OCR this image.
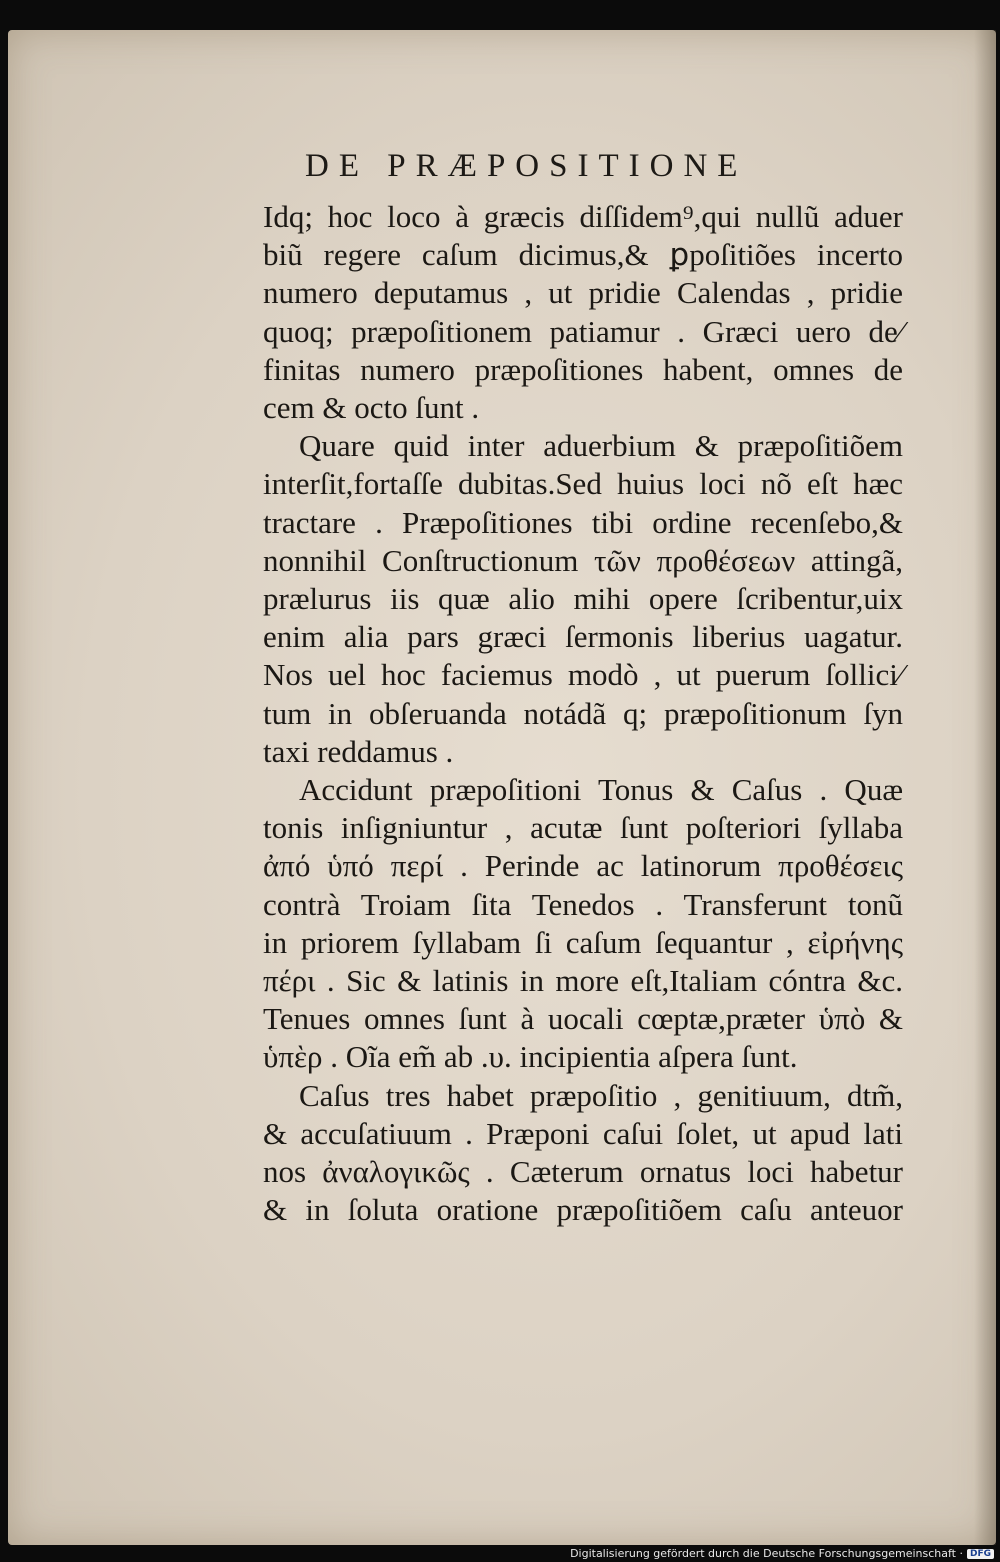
DE PRÆPOSITIONE
Idq; hoc loco à græcis diſſidem⁹,qui nullũ aduer
biũ regere caſum dicimus,& ꝑpoſitiões incerto
numero deputamus , ut pridie Calendas , pridie
quoq; præpoſitionem patiamur . Græci uero de⁄
finitas numero præpoſitiones habent, omnes de
cem & octo ſunt .
Quare quid inter aduerbium & præpoſitiõem
interſit,fortaſſe dubitas.Sed huius loci nõ eſt hæc
tractare . Præpoſitiones tibi ordine recenſebo,&
nonnihil Conſtructionum τῶν προθέσεων attingã,
prælurus iis quæ alio mihi opere ſcribentur,uix
enim alia pars græci ſermonis liberius uagatur.
Nos uel hoc faciemus modò , ut puerum ſollici⁄
tum in obſeruanda notádã q; præpoſitionum ſyn
taxi reddamus .
Accidunt præpoſitioni Tonus & Caſus . Quæ
tonis inſigniuntur , acutæ ſunt poſteriori ſyllaba
ἀπό ὑπό περί . Perinde ac latinorum προθέσεις
contrà Troiam ſita Tenedos . Transferunt tonũ
in priorem ſyllabam ſi caſum ſequantur , εἰρήνης
πέρι . Sic & latinis in more eſt,Italiam cóntra &c.
Tenues omnes ſunt à uocali cœptæ,præter ὑπὸ &
ὑπὲρ . Oĩa em̃ ab .υ. incipientia aſpera ſunt.
Caſus tres habet præpoſitio , genitiuum, dtm̃,
& accuſatiuum . Præponi caſui ſolet, ut apud lati
nos ἀναλογικῶς . Cæterum ornatus loci habetur
& in ſoluta oratione præpoſitiõem caſu anteuor
Digitalisierung gefördert durch die Deutsche Forschungsgemeinschaft · DFG
